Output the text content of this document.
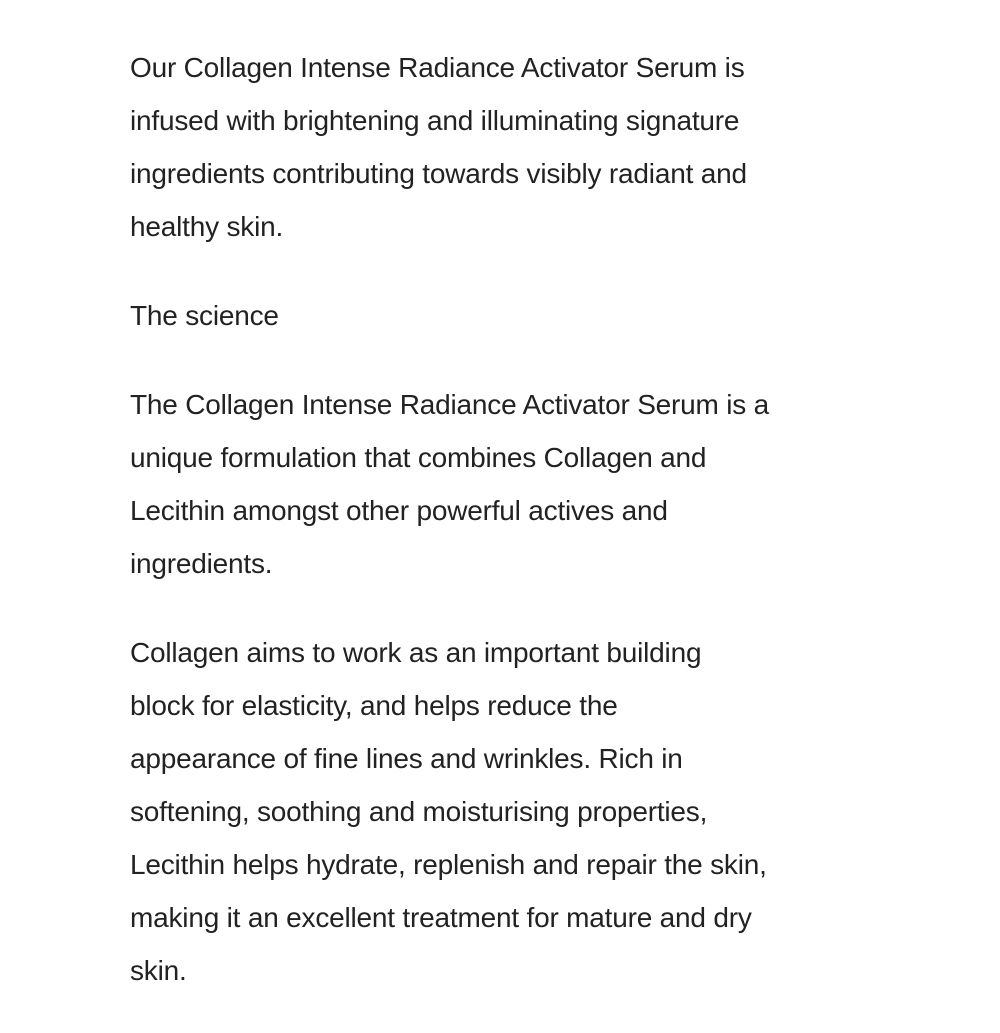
Our Collagen Intense Radiance Activator Serum is
infused with brightening and illuminating signature
ingredients contributing towards visibly radiant and
healthy skin.
The science
The Collagen Intense Radiance Activator Serum is a
unique formulation that combines Collagen and
Lecithin amongst other powerful actives and
ingredients.
Collagen aims to work as an important building
block for elasticity, and helps reduce the
appearance of fine lines and wrinkles. Rich in
softening, soothing and moisturising properties,
Lecithin helps hydrate, replenish and repair the skin,
making it an excellent treatment for mature and dry
skin.
